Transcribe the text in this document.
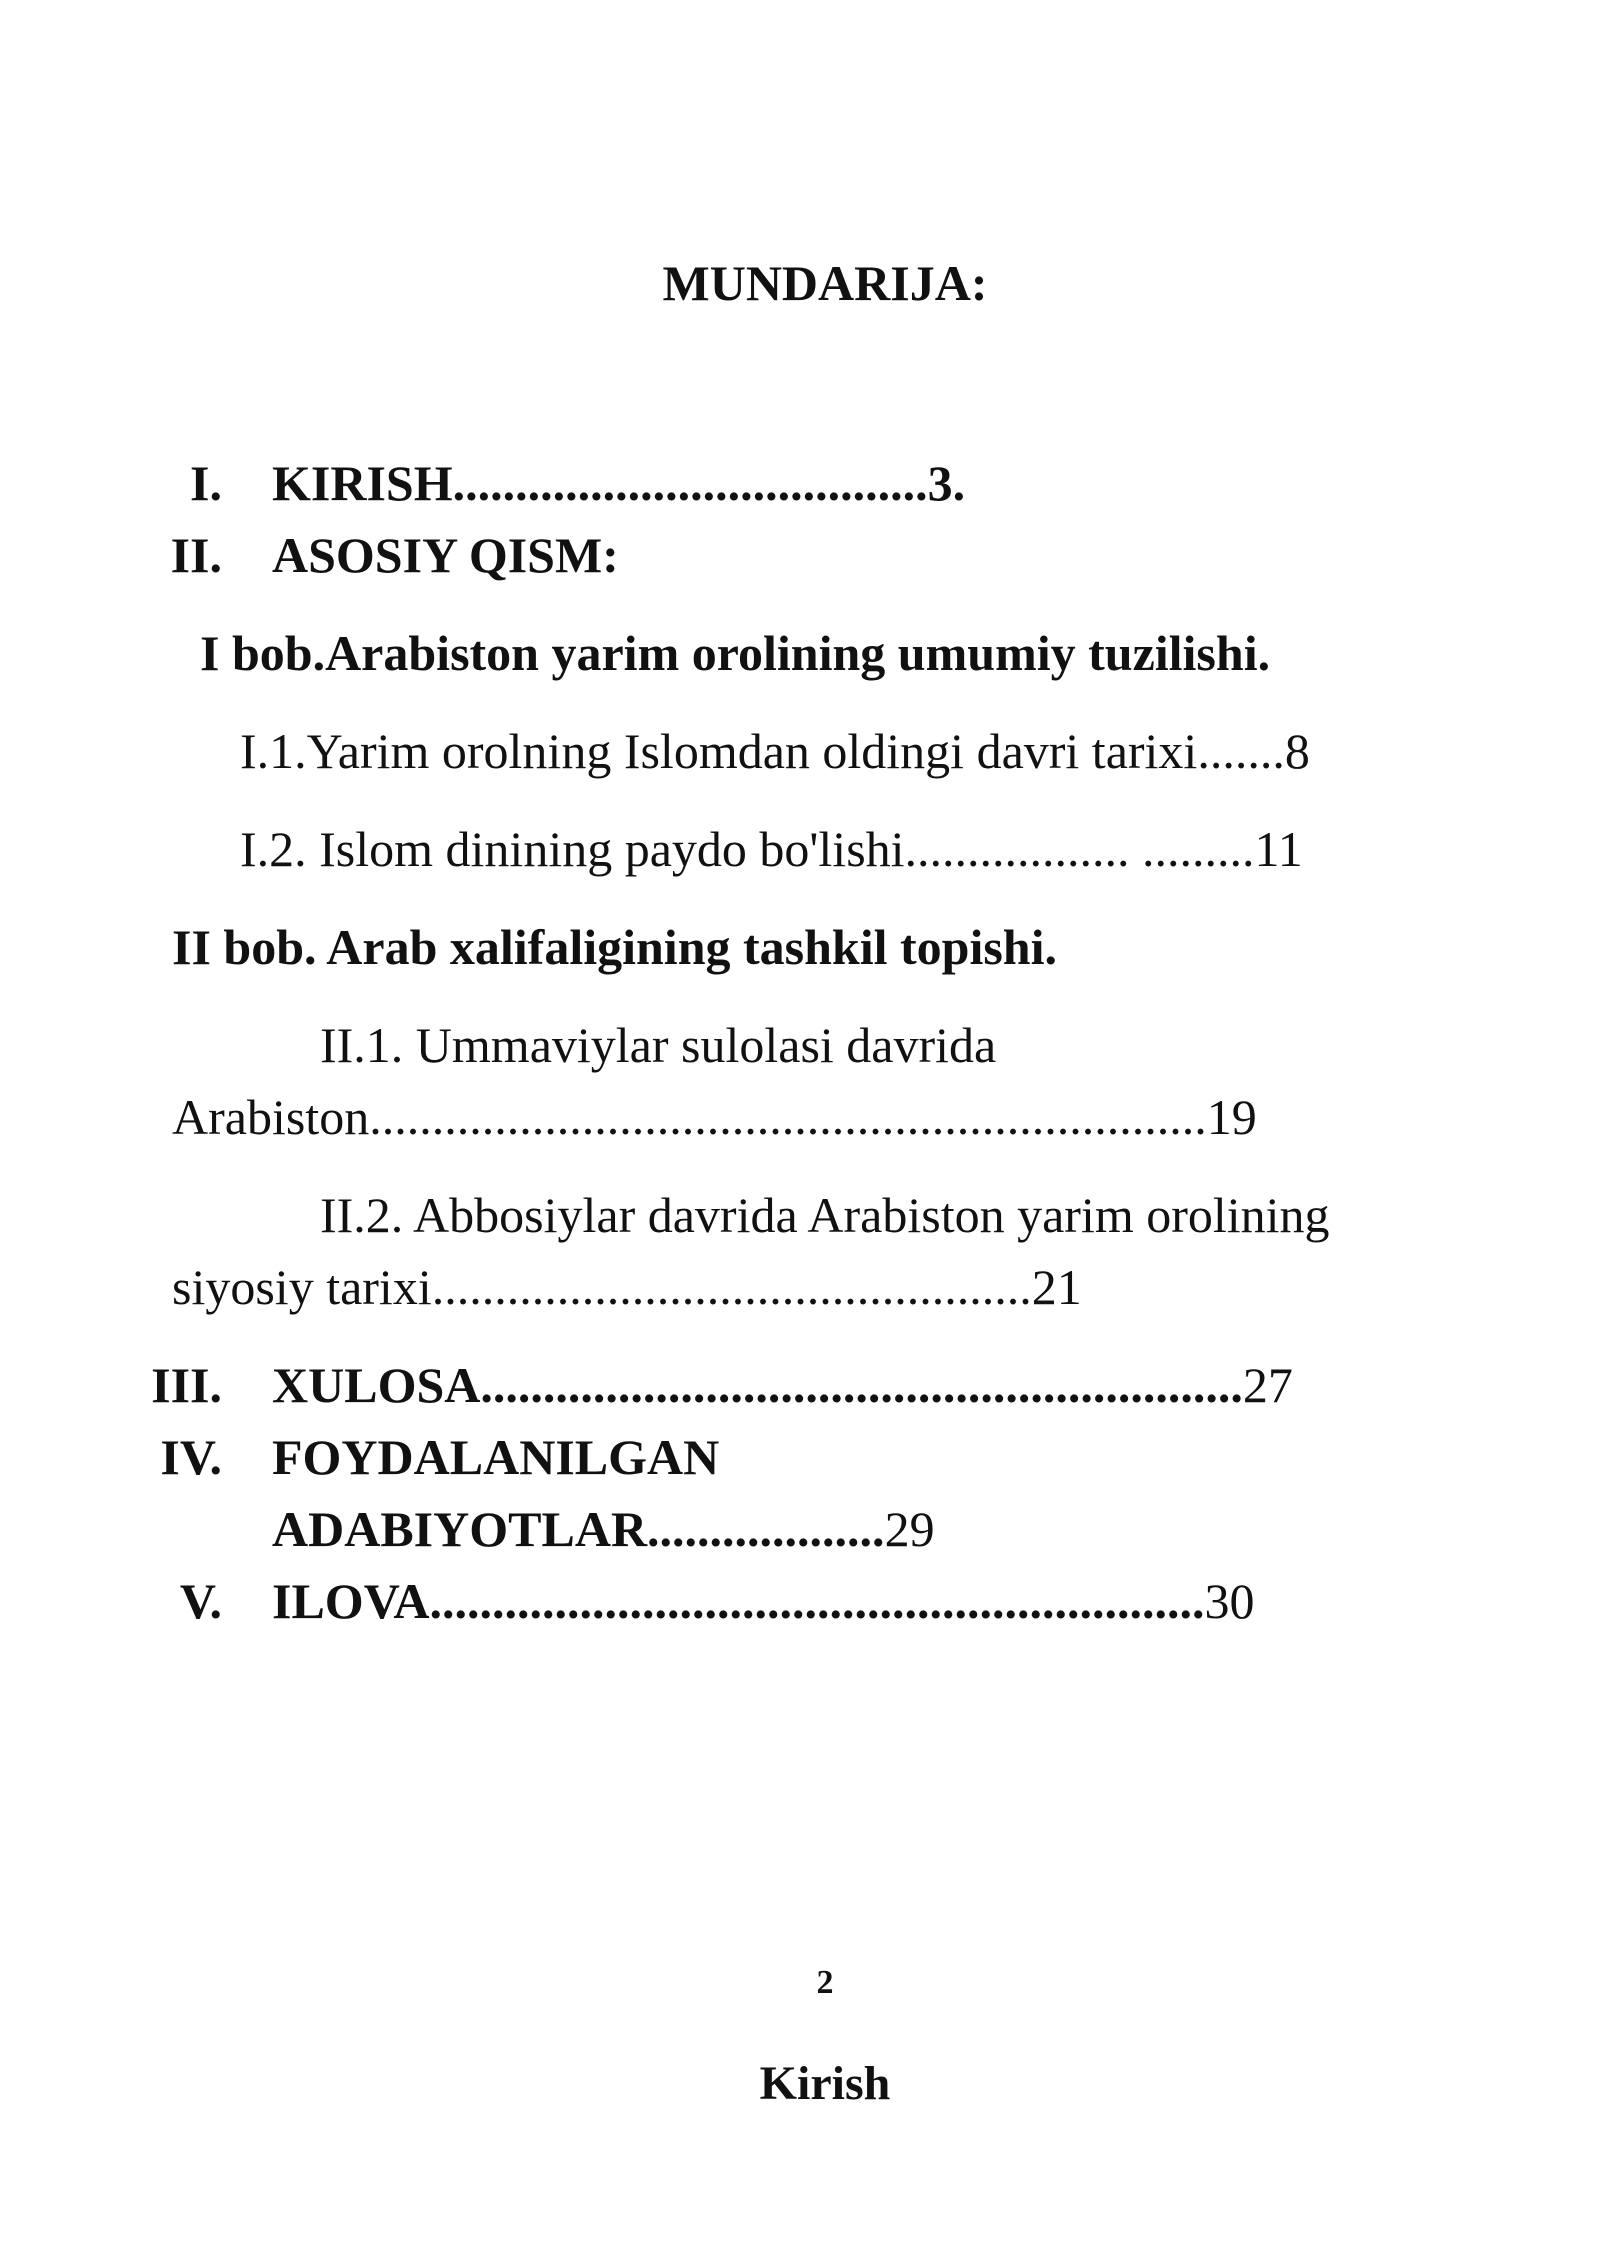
MUNDARIJA:
I. KIRISH......................................3.
II. ASOSIY QISM:
I bob.Arabiston yarim orolining umumiy tuzilishi.
I.1.Yarim orolning Islomdan oldingi davri tarixi.......8
I.2. Islom dinining paydo bo'lishi.................. .........11
II bob. Arab xalifaligining tashkil topishi.
II.1. Ummaviylar sulolasi davrida
Arabiston...................................................................19
II.2. Abbosiylar davrida Arabiston yarim orolining
siyosiy tarixi................................................21
III. XULOSA.............................................................27
IV. FOYDALANILGAN
ADABIYOTLAR...................29
V. ILOVA..............................................................30
2
Kirish
